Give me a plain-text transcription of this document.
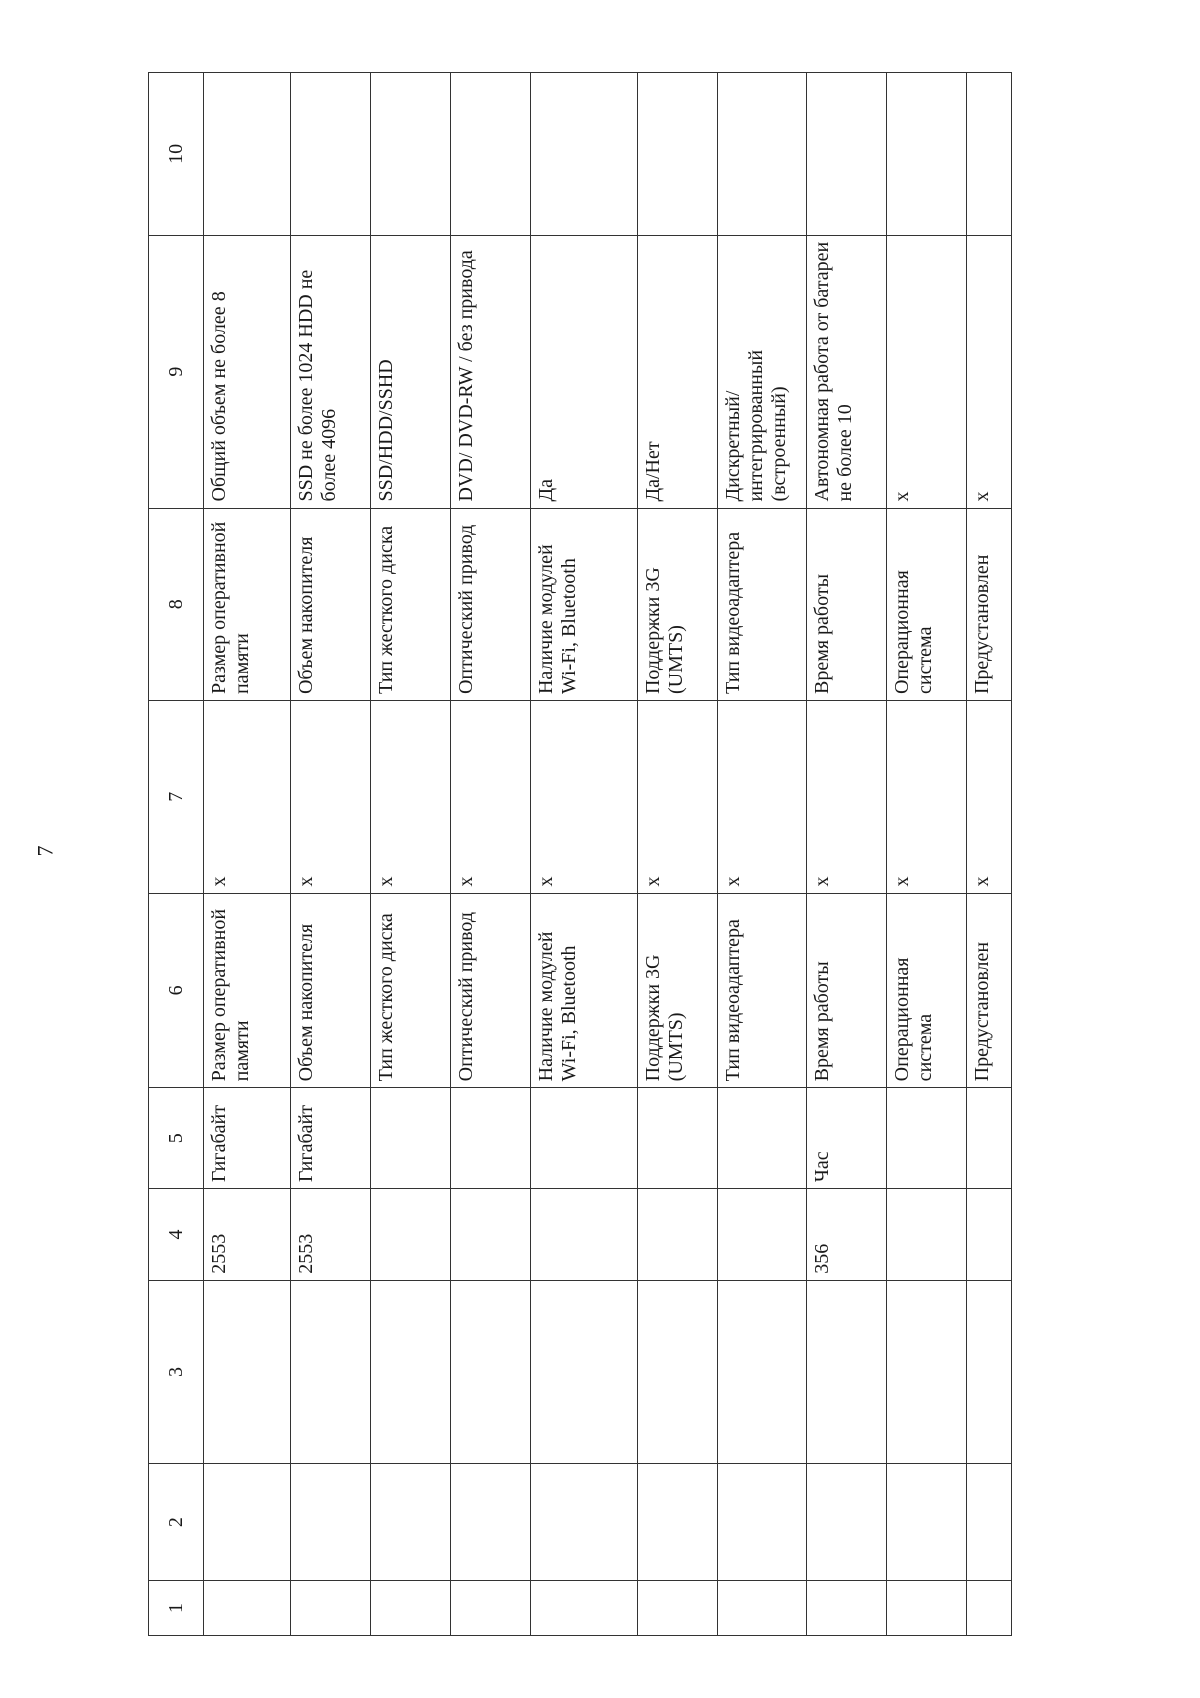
7
1	2	3	4	5	6	7	8	9	10
			2553	Гигабайт	Размер оперативной памяти	x	Размер оперативной памяти	Общий объем не более 8	
			2553	Гигабайт	Объем накопителя	x	Объем накопителя	SSD не более 1024 HDD не более 4096	
					Тип жесткого диска	x	Тип жесткого диска	SSD/HDD/SSHD	
					Оптический привод	x	Оптический привод	DVD/ DVD-RW / без привода	
					Наличие модулей Wi-Fi, Bluetooth	x	Наличие модулей Wi-Fi, Bluetooth	Да	
					Поддержки 3G (UMTS)	x	Поддержки 3G (UMTS)	Да/Нет	
					Тип видеоадаптера	x	Тип видеоадаптера	Дискретный/интегрированный (встроенный)	
			356	Час	Время работы	x	Время работы	Автономная работа от батареи не более 10	
					Операционная система	x	Операционная система	x	
					Предустановлен	x	Предустановлен	x	
